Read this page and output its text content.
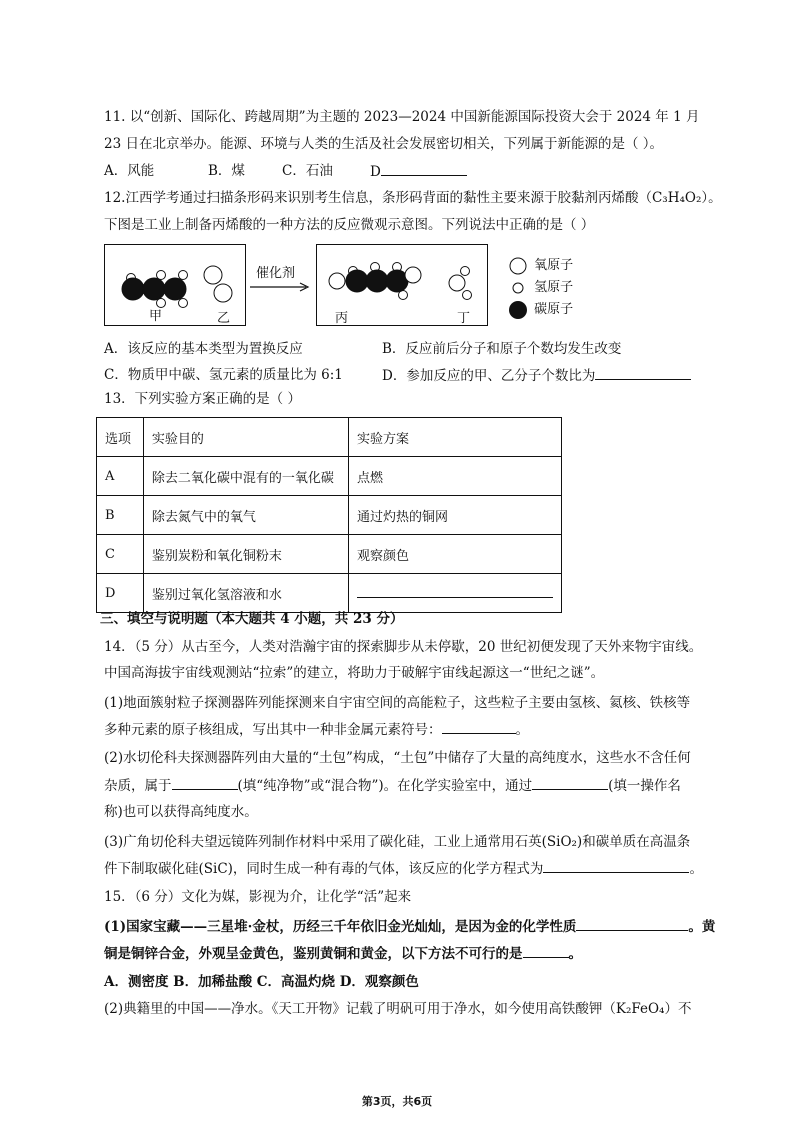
11. 以“创新、国际化、跨越周期”为主题的 2023—2024 中国新能源国际投资大会于 2024 年 1 月
23 日在北京举办。能源、环境与人类的生活及社会发展密切相关，下列属于新能源的是（ ）。
A．风能	B．煤	C．石油	D
12.江西学考通过扫描条形码来识别考生信息，条形码背面的黏性主要来源于胶黏剂丙烯酸（C₃H₄O₂）。
下图是工业上制备丙烯酸的一种方法的反应微观示意图。下列说法中正确的是（ ）
甲	乙
催化剂
丙	丁
氧原子
氢原子
碳原子
A．该反应的基本类型为置换反应	B．反应前后分子和原子个数均发生改变
C．物质甲中碳、氢元素的质量比为 6:1	D．参加反应的甲、乙分子个数比为
13．下列实验方案正确的是（ ）
选项	实验目的	实验方案
A	除去二氧化碳中混有的一氧化碳	点燃
B	除去氮气中的氧气	通过灼热的铜网
C	鉴别炭粉和氧化铜粉末	观察颜色
D	鉴别过氧化氢溶液和水	
三、填空与说明题（本大题共 4 小题，共 23 分）
14．（5 分）从古至今，人类对浩瀚宇宙的探索脚步从未停歇，20 世纪初便发现了天外来物宇宙线。
中国高海拔宇宙线观测站“拉索”的建立，将助力于破解宇宙线起源这一“世纪之谜”。
(1)地面簇射粒子探测器阵列能探测来自宇宙空间的高能粒子，这些粒子主要由氢核、氦核、铁核等
多种元素的原子核组成，写出其中一种非金属元素符号：	。
(2)水切伦科夫探测器阵列由大量的“土包”构成，“土包”中储存了大量的高纯度水，这些水不含任何
杂质，属于	(填“纯净物”或“混合物”)。在化学实验室中，通过	(填一操作名
称)也可以获得高纯度水。
(3)广角切伦科夫望远镜阵列制作材料中采用了碳化硅，工业上通常用石英(SiO₂)和碳单质在高温条
件下制取碳化硅(SiC)，同时生成一种有毒的气体，该反应的化学方程式为	。
15．（6 分）文化为媒，影视为介，让化学“活”起来
(1)国家宝藏——三星堆·金杖，历经三千年依旧金光灿灿，是因为金的化学性质	。黄
铜是铜锌合金，外观呈金黄色，鉴别黄铜和黄金，以下方法不可行的是	。
A．测密度 B．加稀盐酸 C．高温灼烧 D．观察颜色
(2)典籍里的中国——净水。《天工开物》记载了明矾可用于净水，如今使用高铁酸钾（K₂FeO₄）不
第3页，共6页
